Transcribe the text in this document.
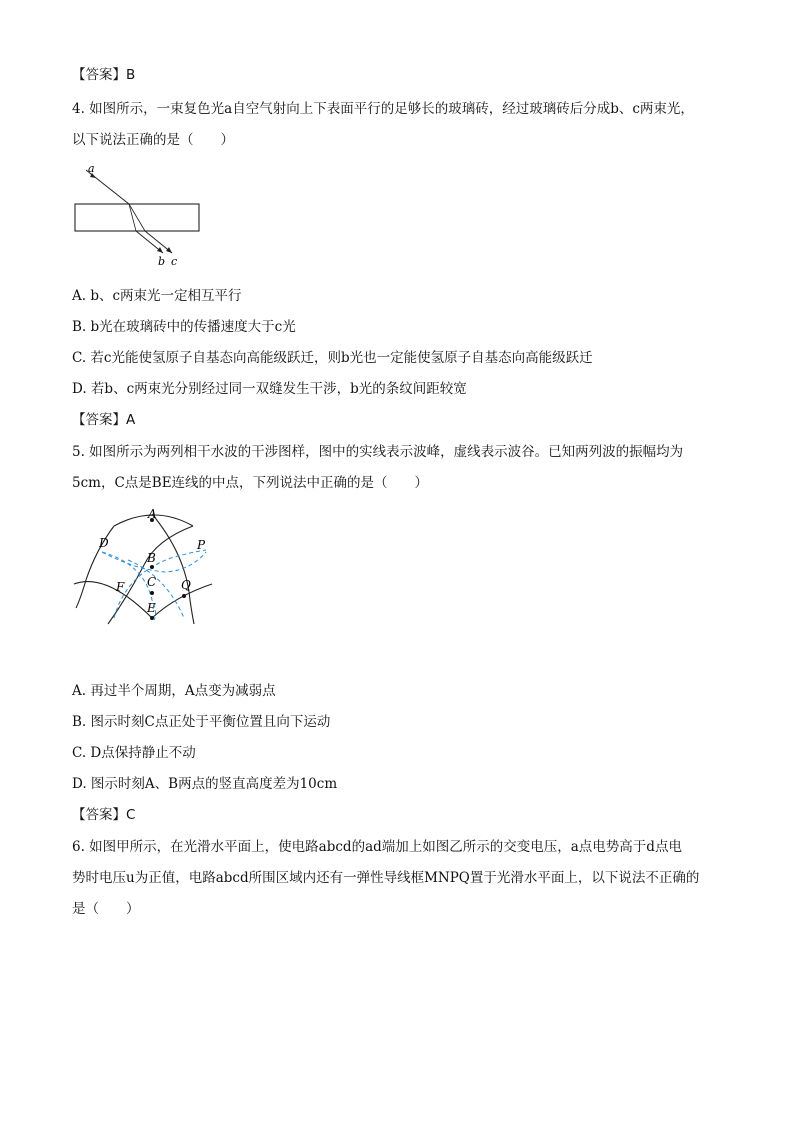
【答案】B
4. 如图所示，一束复色光a自空气射向上下表面平行的足够长的玻璃砖，经过玻璃砖后分成b、c两束光，
以下说法正确的是（　　）
a
b c
A. b、c两束光一定相互平行
B. b光在玻璃砖中的传播速度大于c光
C. 若c光能使氢原子自基态向高能级跃迁，则b光也一定能使氢原子自基态向高能级跃迁
D. 若b、c两束光分别经过同一双缝发生干涉，b光的条纹间距较宽
【答案】A
5. 如图所示为两列相干水波的干涉图样，图中的实线表示波峰，虚线表示波谷。已知两列波的振幅均为
5cm，C点是BE连线的中点，下列说法中正确的是（　　）
A
D	P
B
C
F	Q
E
A. 再过半个周期，A点变为减弱点
B. 图示时刻C点正处于平衡位置且向下运动
C. D点保持静止不动
D. 图示时刻A、B两点的竖直高度差为10cm
【答案】C
6. 如图甲所示，在光滑水平面上，使电路abcd的ad端加上如图乙所示的交变电压，a点电势高于d点电
势时电压u为正值，电路abcd所围区域内还有一弹性导线框MNPQ置于光滑水平面上，以下说法不正确的
是（　　）
